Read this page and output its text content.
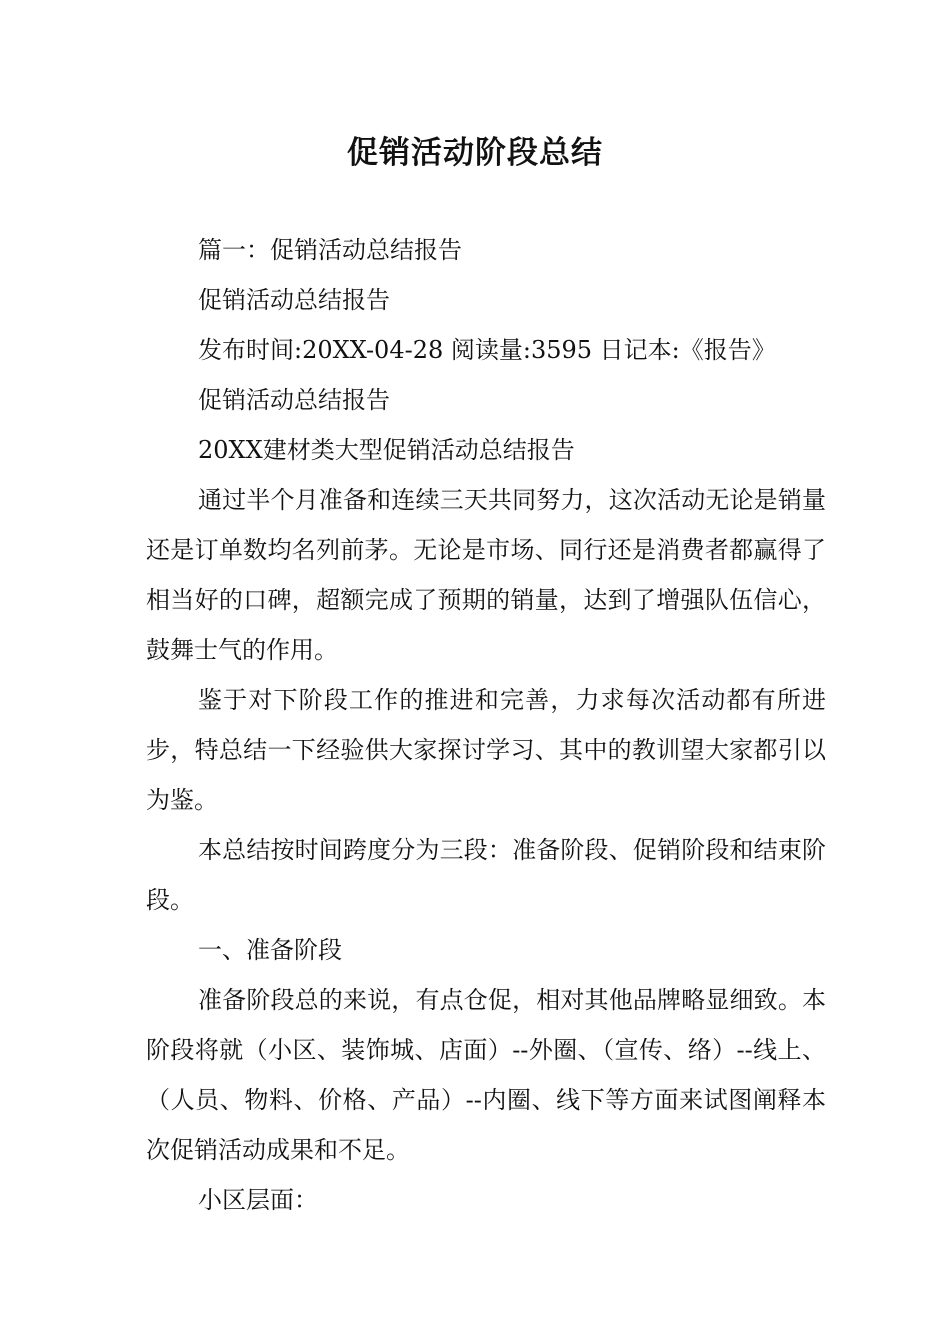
促销活动阶段总结

篇一：促销活动总结报告

促销活动总结报告

发布时间:20XX-04-28 阅读量:3595 日记本:《报告》

促销活动总结报告

20XX建材类大型促销活动总结报告

通过半个月准备和连续三天共同努力，这次活动无论是销量还是订单数均名列前茅。无论是市场、同行还是消费者都赢得了相当好的口碑，超额完成了预期的销量，达到了增强队伍信心，鼓舞士气的作用。

鉴于对下阶段工作的推进和完善，力求每次活动都有所进步，特总结一下经验供大家探讨学习、其中的教训望大家都引以为鉴。

本总结按时间跨度分为三段：准备阶段、促销阶段和结束阶段。

一、准备阶段

准备阶段总的来说，有点仓促，相对其他品牌略显细致。本阶段将就（小区、装饰城、店面）--外圈、（宣传、络）--线上、（人员、物料、价格、产品）--内圈、线下等方面来试图阐释本次促销活动成果和不足。

小区层面：
